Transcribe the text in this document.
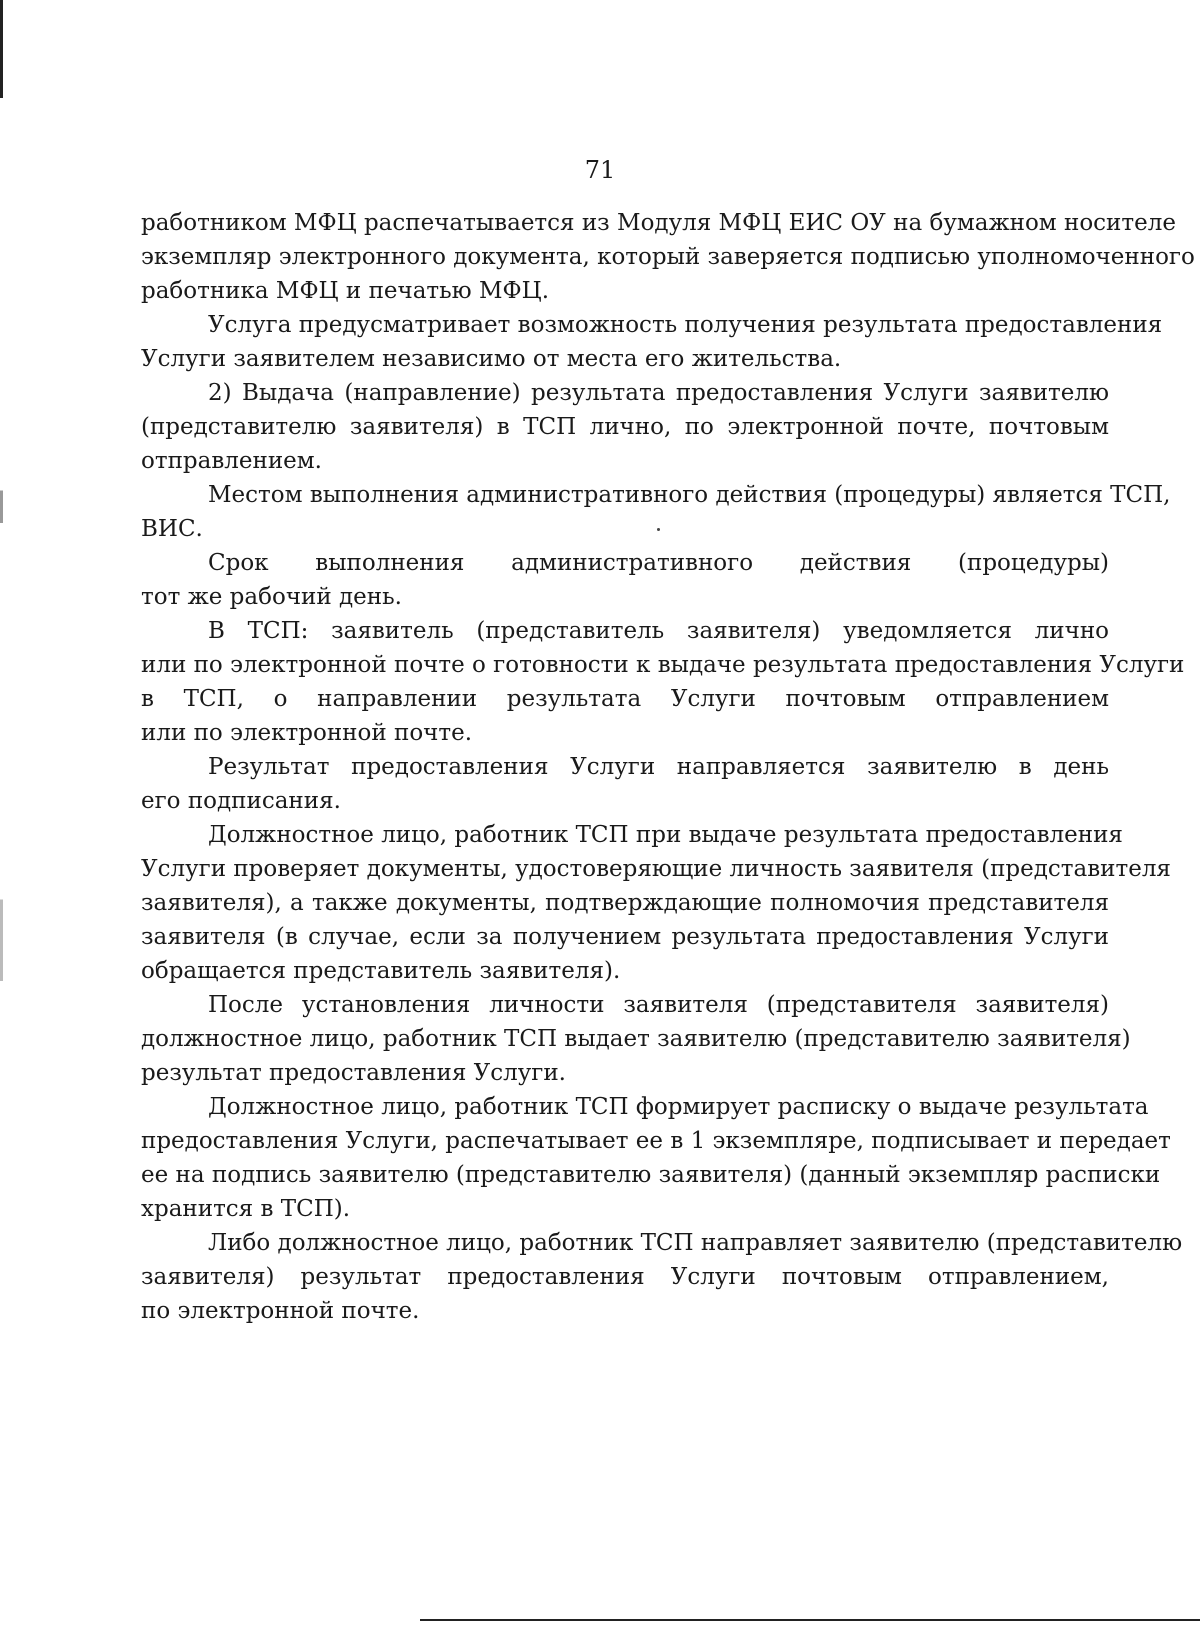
71
работником МФЦ распечатывается из Модуля МФЦ ЕИС ОУ на бумажном носителе
экземпляр электронного документа, который заверяется подписью уполномоченного
работника МФЦ и печатью МФЦ.
Услуга предусматривает возможность получения результата предоставления
Услуги заявителем независимо от места его жительства.
2) Выдача (направление) результата предоставления Услуги заявителю
(представителю заявителя) в ТСП лично, по электронной почте, почтовым
отправлением.
Местом выполнения административного действия (процедуры) является ТСП,
ВИС.
Срок выполнения административного действия (процедуры)
тот же рабочий день.
В ТСП: заявитель (представитель заявителя) уведомляется лично
или по электронной почте о готовности к выдаче результата предоставления Услуги
в ТСП, о направлении результата Услуги почтовым отправлением
или по электронной почте.
Результат предоставления Услуги направляется заявителю в день
его подписания.
Должностное лицо, работник ТСП при выдаче результата предоставления
Услуги проверяет документы, удостоверяющие личность заявителя (представителя
заявителя), а также документы, подтверждающие полномочия представителя
заявителя (в случае, если за получением результата предоставления Услуги
обращается представитель заявителя).
После установления личности заявителя (представителя заявителя)
должностное лицо, работник ТСП выдает заявителю (представителю заявителя)
результат предоставления Услуги.
Должностное лицо, работник ТСП формирует расписку о выдаче результата
предоставления Услуги, распечатывает ее в 1 экземпляре, подписывает и передает
ее на подпись заявителю (представителю заявителя) (данный экземпляр расписки
хранится в ТСП).
Либо должностное лицо, работник ТСП направляет заявителю (представителю
заявителя) результат предоставления Услуги почтовым отправлением,
по электронной почте.
